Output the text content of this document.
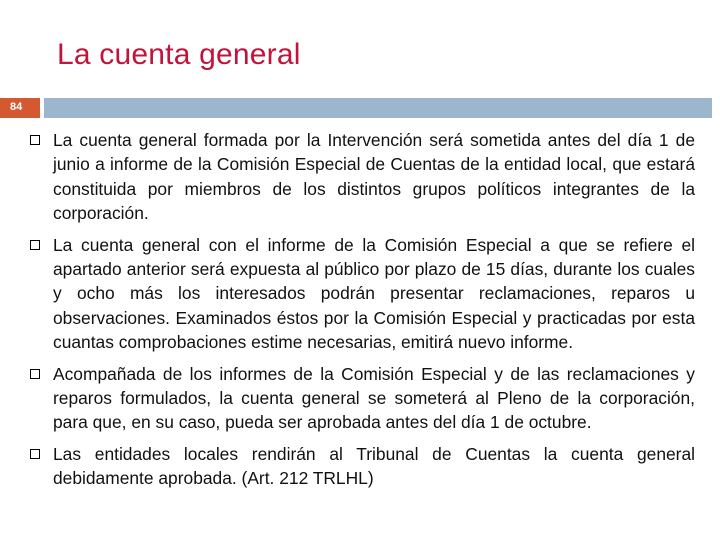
La cuenta general
84
La cuenta general formada por la Intervención será sometida antes del día 1 de junio a informe de la Comisión Especial de Cuentas de la entidad local, que estará constituida por miembros de los distintos grupos políticos integrantes de la corporación.
La cuenta general con el informe de la Comisión Especial a que se refiere el apartado anterior será expuesta al público por plazo de 15 días, durante los cuales y ocho más los interesados podrán presentar reclamaciones, reparos u observaciones. Examinados éstos por la Comisión Especial y practicadas por esta cuantas comprobaciones estime necesarias, emitirá nuevo informe.
Acompañada de los informes de la Comisión Especial y de las reclamaciones y reparos formulados, la cuenta general se someterá al Pleno de la corporación, para que, en su caso, pueda ser aprobada antes del día 1 de octubre.
Las entidades locales rendirán al Tribunal de Cuentas la cuenta general debidamente aprobada. (Art. 212 TRLHL)
